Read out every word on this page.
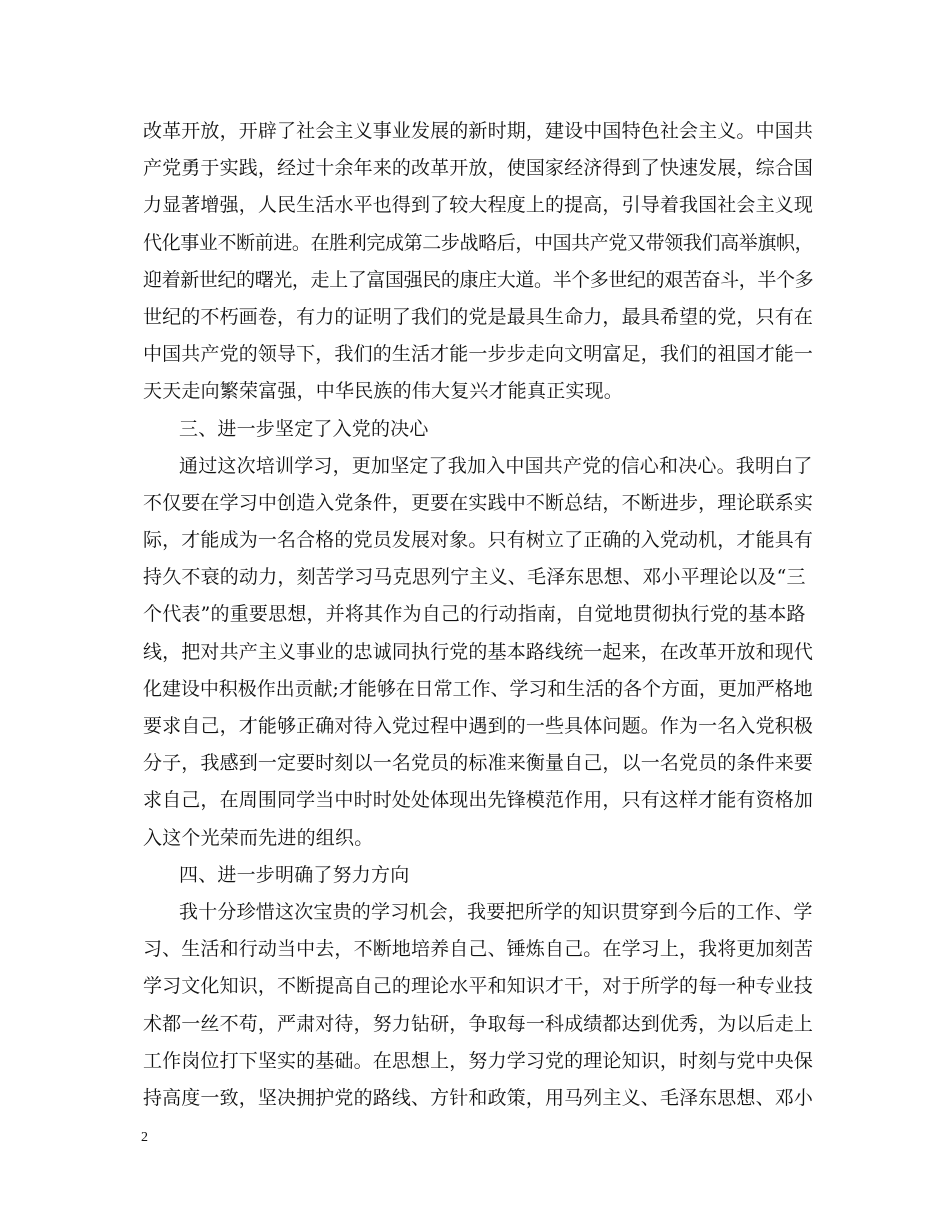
改革开放，开辟了社会主义事业发展的新时期，建设中国特色社会主义。中国共
产党勇于实践，经过十余年来的改革开放，使国家经济得到了快速发展，综合国
力显著增强，人民生活水平也得到了较大程度上的提高，引导着我国社会主义现
代化事业不断前进。在胜利完成第二步战略后，中国共产党又带领我们高举旗帜，
迎着新世纪的曙光，走上了富国强民的康庄大道。半个多世纪的艰苦奋斗，半个多
世纪的不朽画卷，有力的证明了我们的党是最具生命力，最具希望的党，只有在
中国共产党的领导下，我们的生活才能一步步走向文明富足，我们的祖国才能一
天天走向繁荣富强，中华民族的伟大复兴才能真正实现。
三、进一步坚定了入党的决心
通过这次培训学习，更加坚定了我加入中国共产党的信心和决心。我明白了
不仅要在学习中创造入党条件，更要在实践中不断总结，不断进步，理论联系实
际，才能成为一名合格的党员发展对象。只有树立了正确的入党动机，才能具有
持久不衰的动力，刻苦学习马克思列宁主义、毛泽东思想、邓小平理论以及“三
个代表”的重要思想，并将其作为自己的行动指南，自觉地贯彻执行党的基本路
线，把对共产主义事业的忠诚同执行党的基本路线统一起来，在改革开放和现代
化建设中积极作出贡献;才能够在日常工作、学习和生活的各个方面，更加严格地
要求自己，才能够正确对待入党过程中遇到的一些具体问题。作为一名入党积极
分子，我感到一定要时刻以一名党员的标准来衡量自己，以一名党员的条件来要
求自己，在周围同学当中时时处处体现出先锋模范作用，只有这样才能有资格加
入这个光荣而先进的组织。
四、进一步明确了努力方向
我十分珍惜这次宝贵的学习机会，我要把所学的知识贯穿到今后的工作、学
习、生活和行动当中去，不断地培养自己、锤炼自己。在学习上，我将更加刻苦
学习文化知识，不断提高自己的理论水平和知识才干，对于所学的每一种专业技
术都一丝不苟，严肃对待，努力钻研，争取每一科成绩都达到优秀，为以后走上
工作岗位打下坚实的基础。在思想上，努力学习党的理论知识，时刻与党中央保
持高度一致，坚决拥护党的路线、方针和政策，用马列主义、毛泽东思想、邓小
2
